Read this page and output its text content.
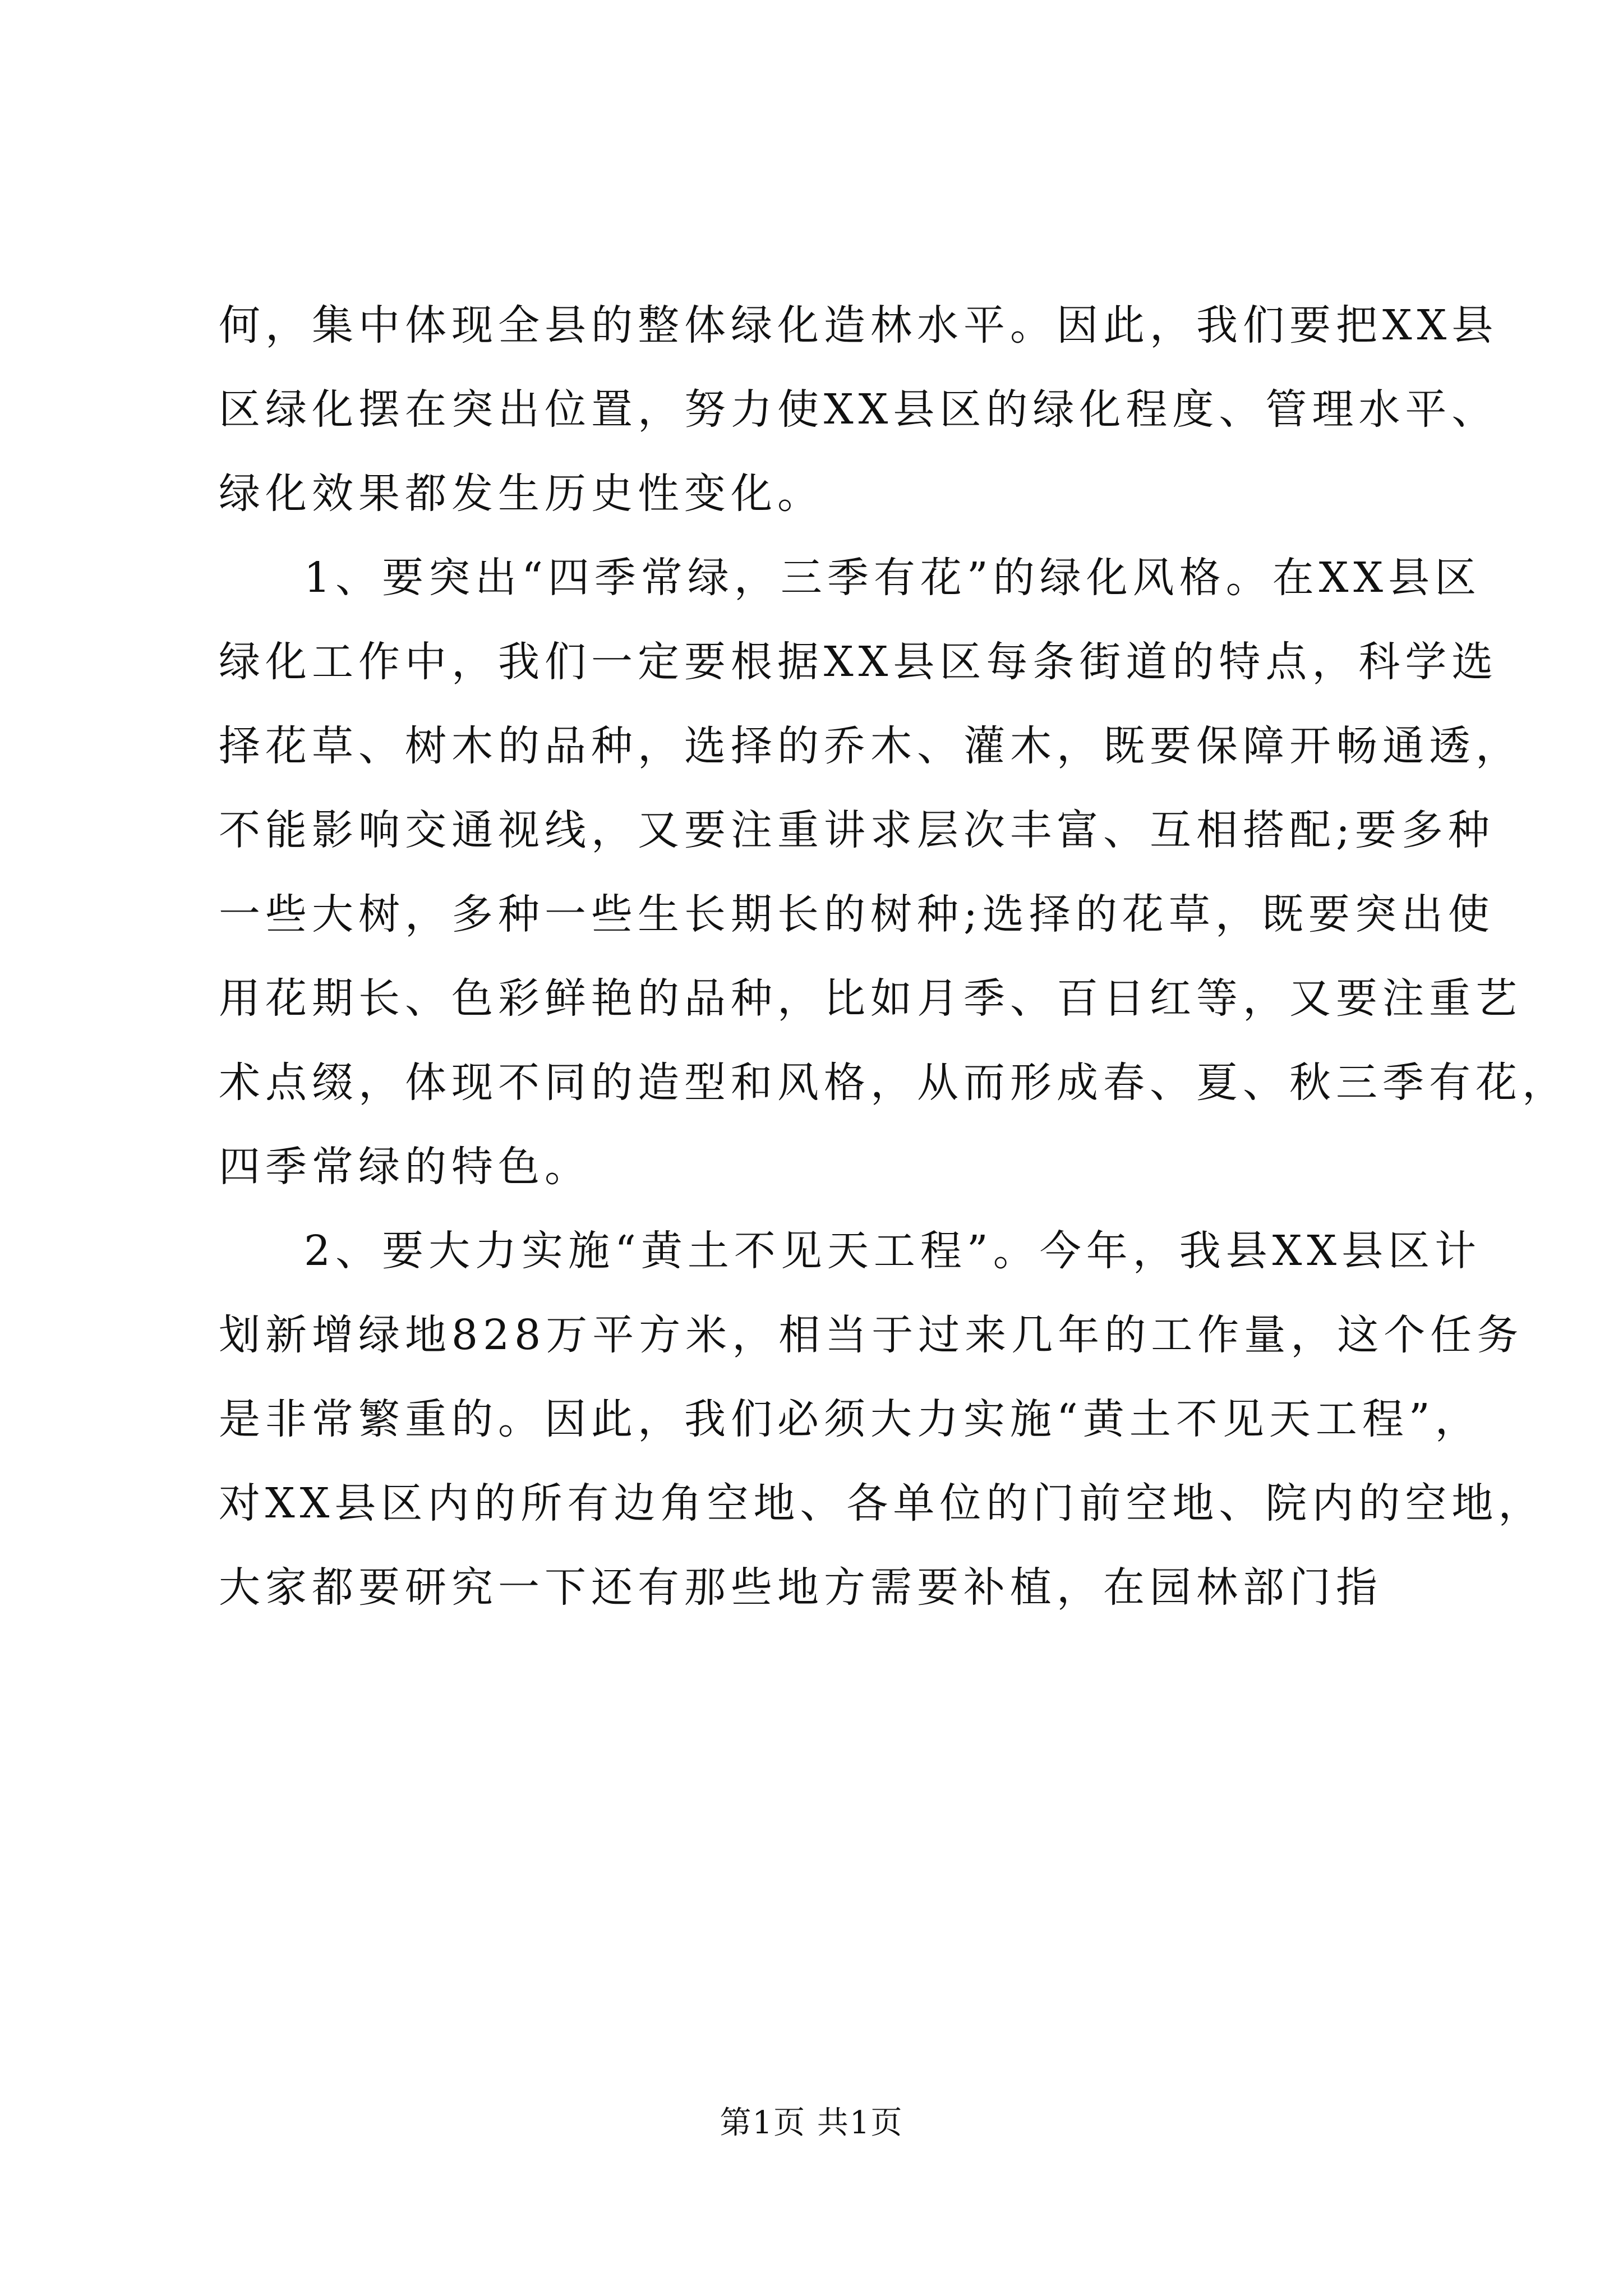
何，集中体现全县的整体绿化造林水平。因此，我们要把XX县
区绿化摆在突出位置，努力使XX县区的绿化程度、管理水平、
绿化效果都发生历史性变化。
1、要突出“四季常绿，三季有花”的绿化风格。在XX县区
绿化工作中，我们一定要根据XX县区每条街道的特点，科学选
择花草、树木的品种，选择的乔木、灌木，既要保障开畅通透，
不能影响交通视线，又要注重讲求层次丰富、互相搭配;要多种
一些大树，多种一些生长期长的树种;选择的花草，既要突出使
用花期长、色彩鲜艳的品种，比如月季、百日红等，又要注重艺
术点缀，体现不同的造型和风格，从而形成春、夏、秋三季有花，
四季常绿的特色。
2、要大力实施“黄土不见天工程”。今年，我县XX县区计
划新增绿地828万平方米，相当于过来几年的工作量，这个任务
是非常繁重的。因此，我们必须大力实施“黄土不见天工程”，
对XX县区内的所有边角空地、各单位的门前空地、院内的空地，
大家都要研究一下还有那些地方需要补植，在园林部门指
第1页 共1页
